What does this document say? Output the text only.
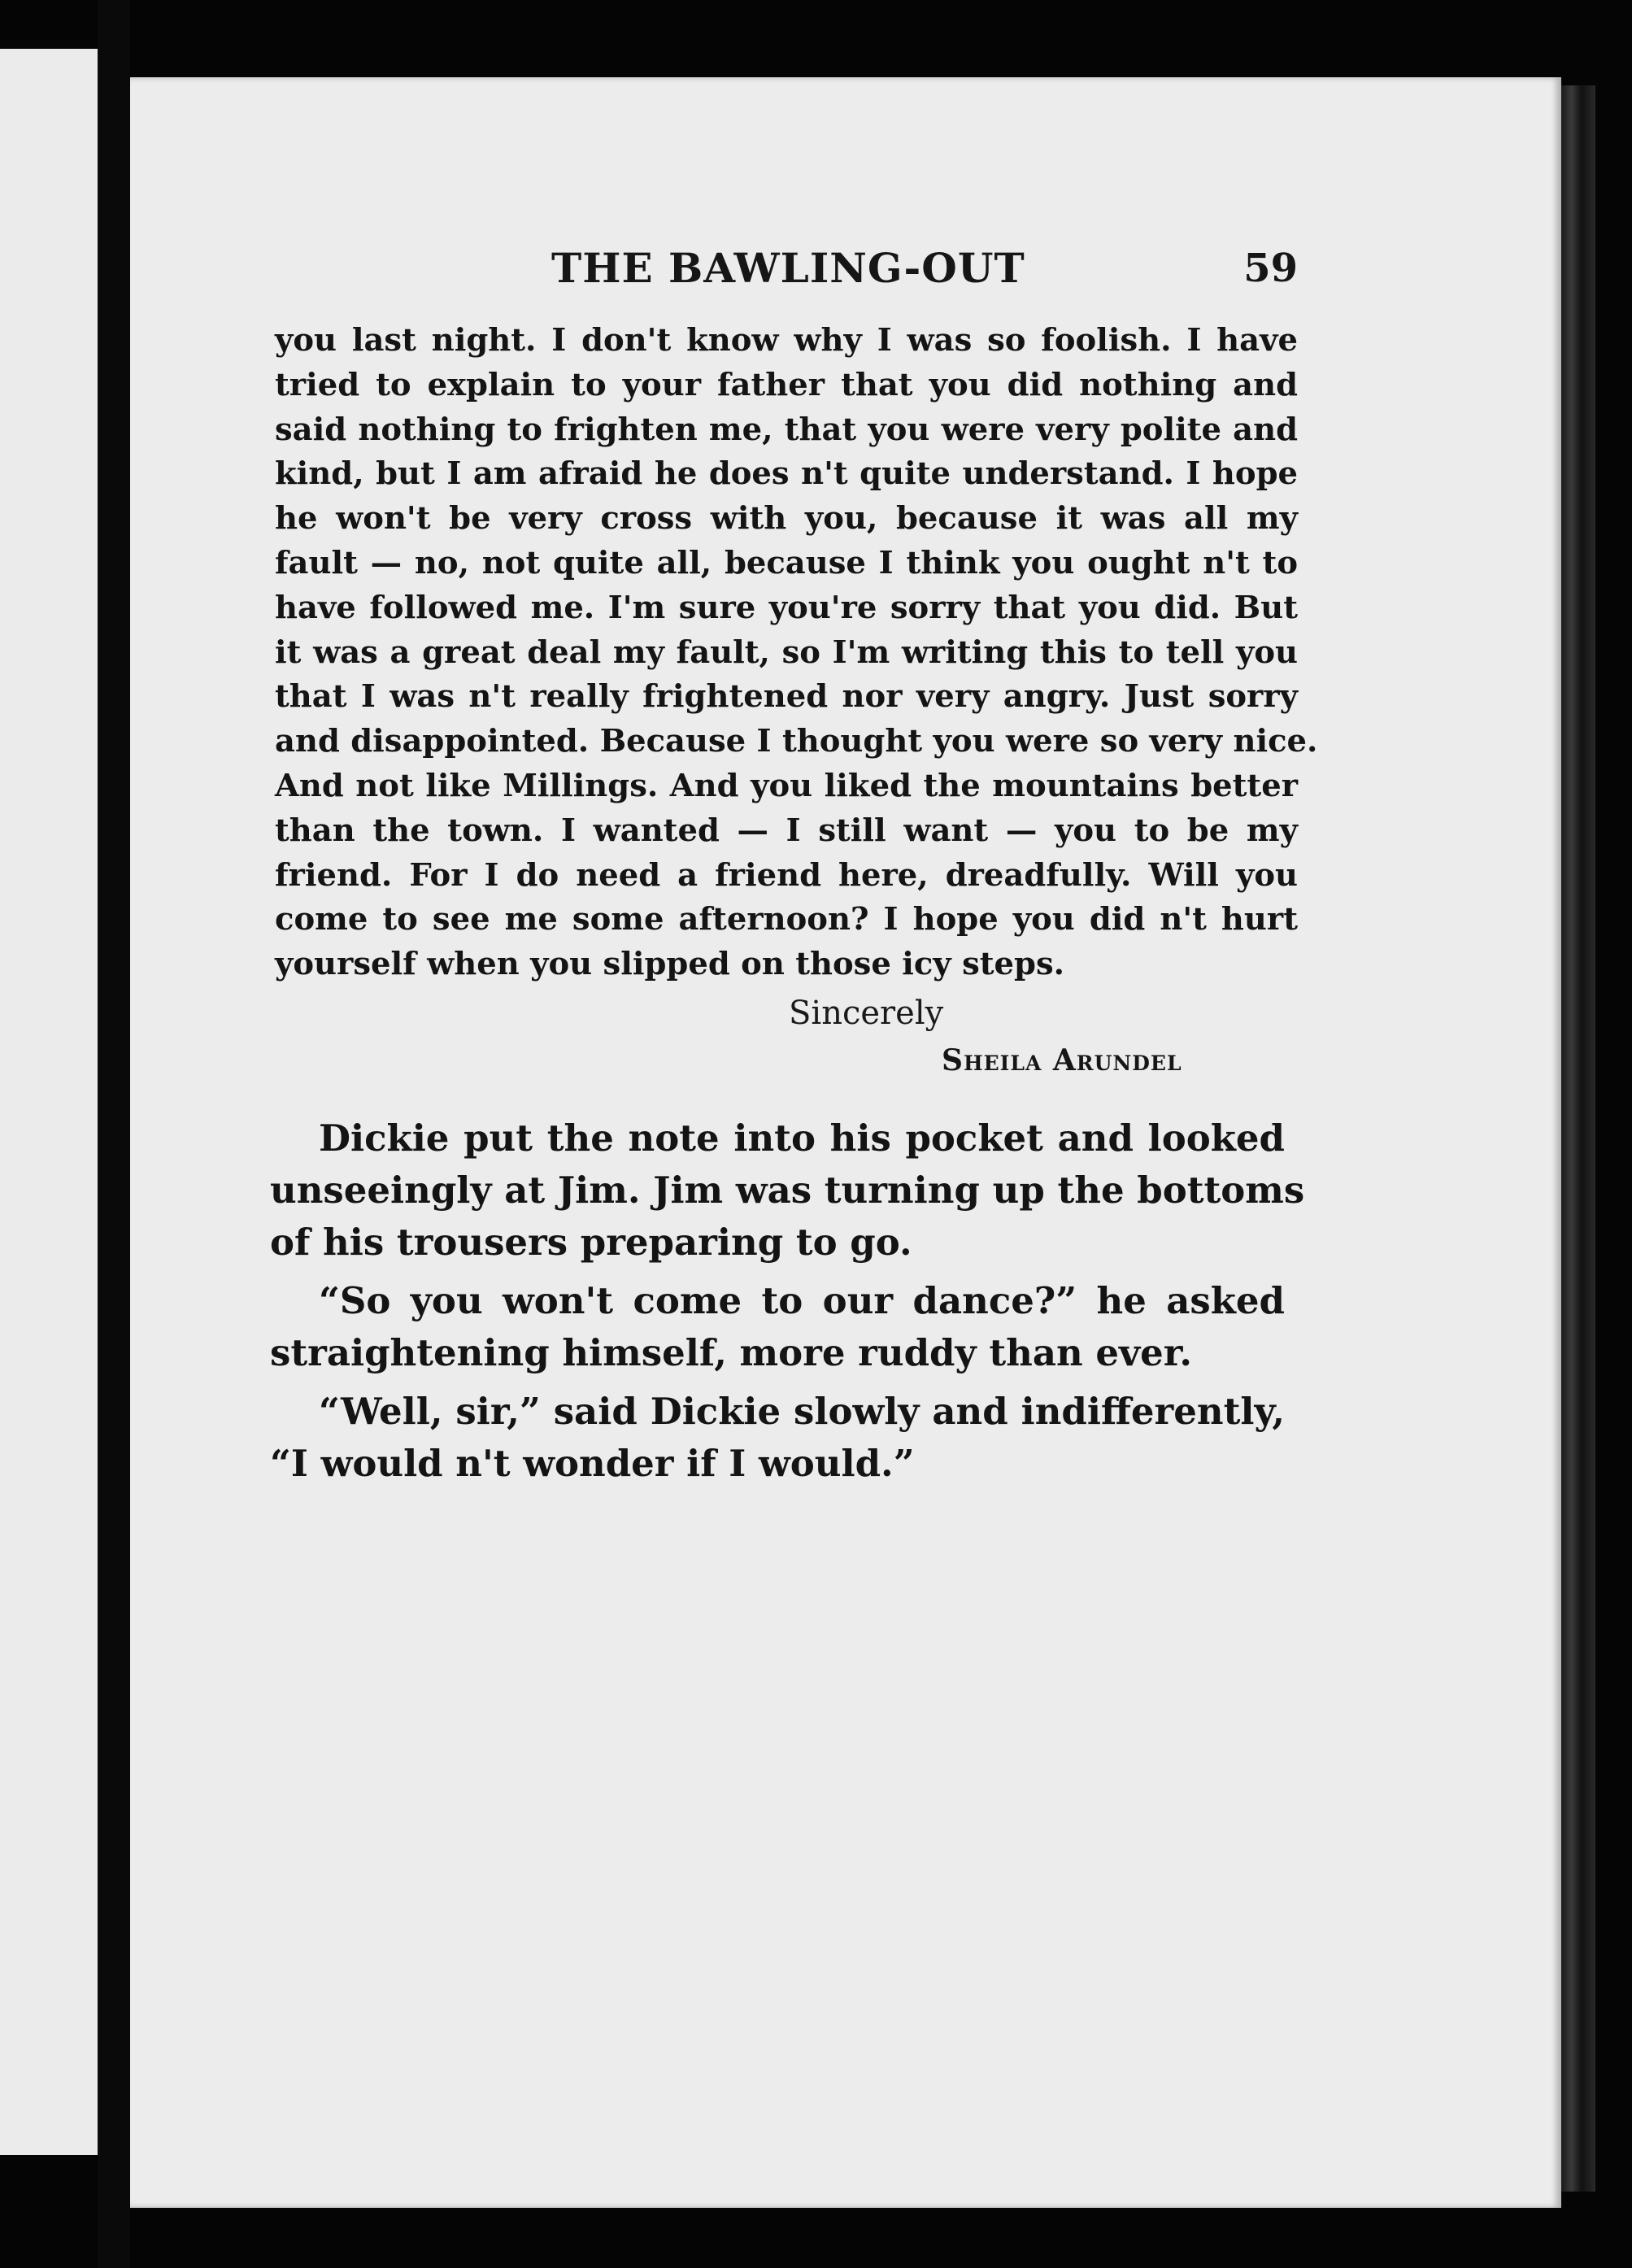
THE BAWLING-OUT	59
you last night. I don't know why I was so foolish. I have
tried to explain to your father that you did nothing and
said nothing to frighten me, that you were very polite and
kind, but I am afraid he does n't quite understand. I hope
he won't be very cross with you, because it was all my
fault — no, not quite all, because I think you ought n't to
have followed me. I'm sure you're sorry that you did. But
it was a great deal my fault, so I'm writing this to tell you
that I was n't really frightened nor very angry. Just sorry
and disappointed. Because I thought you were so very nice.
And not like Millings. And you liked the mountains better
than the town. I wanted — I still want — you to be my
friend. For I do need a friend here, dreadfully. Will you
come to see me some afternoon? I hope you did n't hurt
yourself when you slipped on those icy steps.
Sincerely
Sheila Arundel

Dickie put the note into his pocket and looked
unseeingly at Jim. Jim was turning up the bottoms
of his trousers preparing to go.

“So you won't come to our dance?” he asked
straightening himself, more ruddy than ever.

“Well, sir,” said Dickie slowly and indifferently,
“I would n't wonder if I would.”
